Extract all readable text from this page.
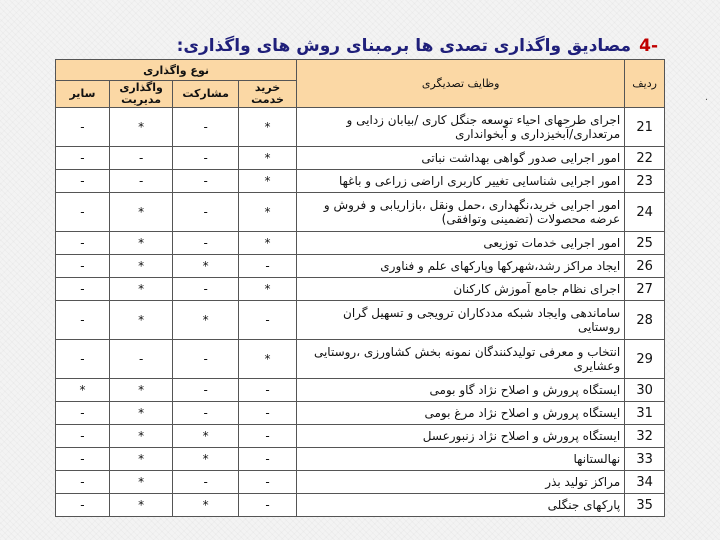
-4مصادیق واگذاری تصدی ها برمبنای روش های واگذاری:
.
ردیف	وظایف تصدیگری	نوع واگذاری			
		خرید خدمت	مشارکت	واگذاری مدیریت	سایر
21	اجرای طرحهای احیاء توسعه جنگل کاری /بیابان زدایی و مرتعداری/آبخیزداری و آبخوانداری	*	-	*	-
22	امور اجرایی صدور گواهی بهداشت نباتی	*	-	-	-
23	امور اجرایی شناسایی تغییر کاربری اراضی زراعی و باغها	*	-	-	-
24	امور اجرایی خرید،نگهداری ،حمل ونقل ،بازاریابی و فروش و عرضه محصولات (تضمینی وتوافقی)	*	-	*	-
25	امور اجرایی خدمات توزیعی	*	-	*	-
26	ایجاد مراکز رشد،شهرکها وپارکهای علم و فناوری	-	*	*	-
27	اجرای نظام جامع آموزش کارکنان	*	-	*	-
28	ساماندهی وایجاد شبکه مددکاران ترویجی و تسهیل گران روستایی	-	*	*	-
29	انتخاب و معرفی تولیدکنندگان نمونه بخش کشاورزی ،روستایی وعشایری	*	-	-	-
30	ایستگاه پرورش و اصلاح نژاد گاو بومی	-	-	*	*
31	ایستگاه پرورش و اصلاح نژاد مرغ بومی	-	-	*	-
32	ایستگاه پرورش و اصلاح نژاد زنبورعسل	-	*	*	-
33	نهالستانها	-	*	*	-
34	مراکز تولید بذر	-	-	*	-
35	پارکهای جنگلی	-	*	*	-
